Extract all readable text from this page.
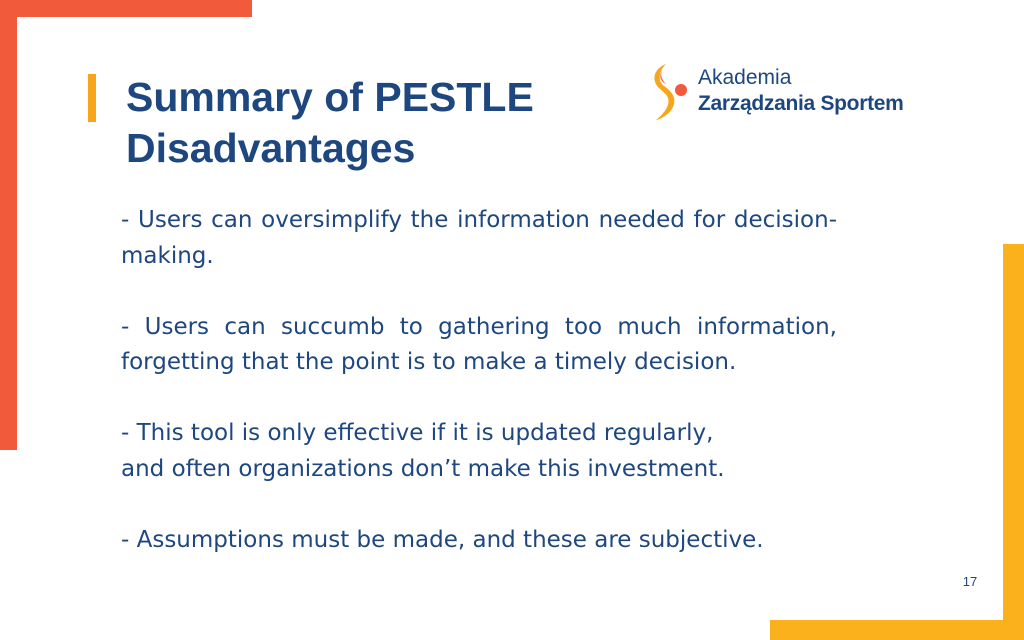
Summary of PESTLE
Disadvantages
Akademia
Zarządzania Sportem

- Users can oversimplify the information needed for decision-making.

- Users can succumb to gathering too much information, forgetting that the point is to make a timely decision.

- This tool is only effective if it is updated regularly,
and often organizations don’t make this investment.

- Assumptions must be made, and these are subjective.

17
